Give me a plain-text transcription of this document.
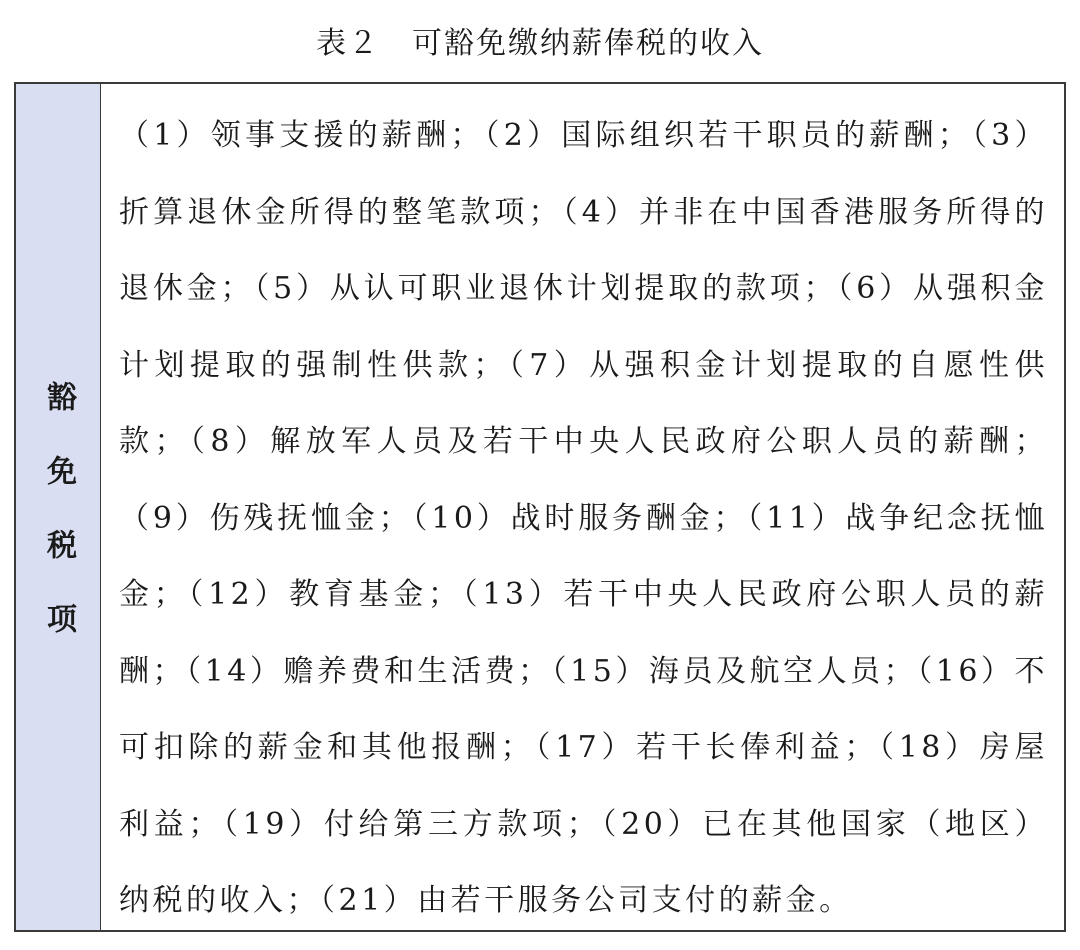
表２　可豁免缴纳薪俸税的收入
豁免税项
（1）领事支援的薪酬；（2）国际组织若干职员的薪酬；（3）折算退休金所得的整笔款项；（4）并非在中国香港服务所得的退休金；（5）从认可职业退休计划提取的款项；（6）从强积金计划提取的强制性供款；（7）从强积金计划提取的自愿性供款；（8）解放军人员及若干中央人民政府公职人员的薪酬；（9）伤残抚恤金；（10）战时服务酬金；（11）战争纪念抚恤金；（12）教育基金；（13）若干中央人民政府公职人员的薪酬；（14）赡养费和生活费；（15）海员及航空人员；（16）不可扣除的薪金和其他报酬；（17）若干长俸利益；（18）房屋利益；（19）付给第三方款项；（20）已在其他国家（地区）纳税的收入；（21）由若干服务公司支付的薪金。
